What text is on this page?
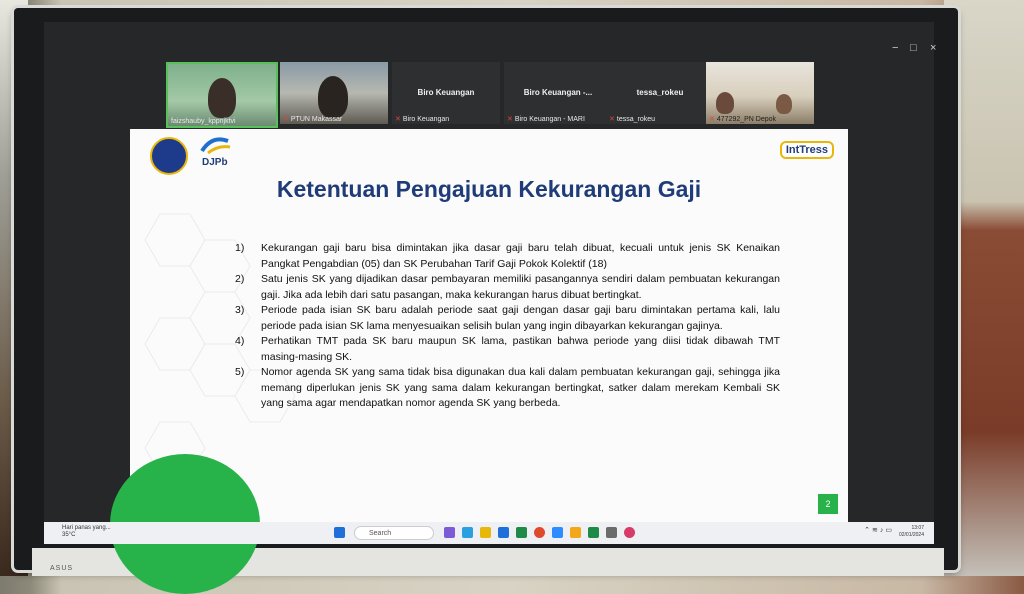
ASUS
− □ ×
faizshauby_kppnjktvi	✕ PTUN Makassar
Biro Keuangan
✕ Biro Keuangan
Biro Keuangan -...
✕ Biro Keuangan - MARI
tessa_rokeu
✕ tessa_rokeu	✕ 477292_PN Depok
DJPb
IntTress
Ketentuan Pengajuan Kekurangan Gaji
1) Kekurangan gaji baru bisa dimintakan jika dasar gaji baru telah dibuat, kecuali untuk jenis SK Kenaikan Pangkat Pengabdian (05) dan SK Perubahan Tarif Gaji Pokok Kolektif (18)
2) Satu jenis SK yang dijadikan dasar pembayaran memiliki pasangannya sendiri dalam pembuatan kekurangan gaji. Jika ada lebih dari satu pasangan, maka kekurangan harus dibuat bertingkat.
3) Periode pada isian SK baru adalah periode saat gaji dengan dasar gaji baru dimintakan pertama kali, lalu periode pada isian SK lama menyesuaikan selisih bulan yang ingin dibayarkan kekurangan gajinya.
4) Perhatikan TMT pada SK baru maupun SK lama, pastikan bahwa periode yang diisi tidak dibawah TMT masing-masing SK.
5) Nomor agenda SK yang sama tidak bisa digunakan dua kali dalam pembuatan kekurangan gaji, sehingga jika memang diperlukan jenis SK yang sama dalam kekurangan bertingkat, satker dalam merekam Kembali SK yang sama agar mendapatkan nomor agenda SK yang berbeda.
2
Hari panas yang...
35°C	Search	⌃≋♪▭	13:07
02/01/2024
